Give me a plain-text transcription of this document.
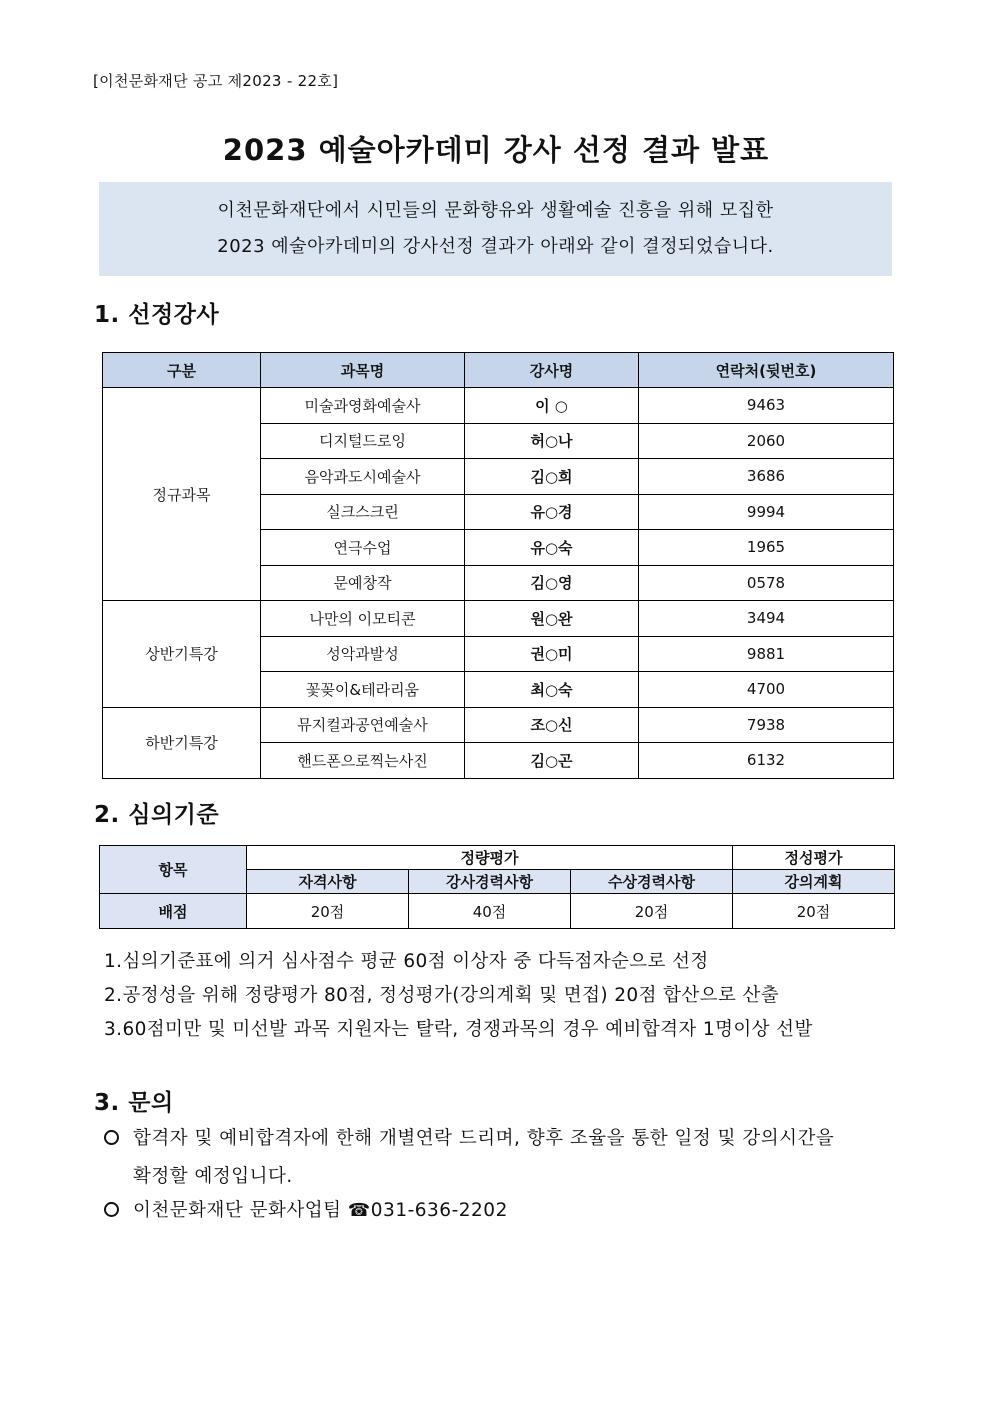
[이천문화재단 공고 제2023 - 22호]
2023 예술아카데미 강사 선정 결과 발표
이천문화재단에서 시민들의 문화향유와 생활예술 진흥을 위해 모집한
2023 예술아카데미의 강사선정 결과가 아래와 같이 결정되었습니다.
1. 선정강사
구분	과목명	강사명	연락처(뒷번호)
정규과목	미술과영화예술사	이 ○	9463
	디지털드로잉	허○나	2060
	음악과도시예술사	김○희	3686
	실크스크린	유○경	9994
	연극수업	유○숙	1965
	문예창작	김○영	0578
상반기특강	나만의 이모티콘	원○완	3494
	성악과발성	권○미	9881
	꽃꽂이&테라리움	최○숙	4700
하반기특강	뮤지컬과공연예술사	조○신	7938
	핸드폰으로찍는사진	김○곤	6132
2. 심의기준
항목	정량평가			정성평가
	자격사항	강사경력사항	수상경력사항	강의계획
배점	20점	40점	20점	20점
1.심의기준표에 의거 심사점수 평균 60점 이상자 중 다득점자순으로 선정
2.공정성을 위해 정량평가 80점, 정성평가(강의계획 및 면접) 20점 합산으로 산출
3.60점미만 및 미선발 과목 지원자는 탈락, 경쟁과목의 경우 예비합격자 1명이상 선발
3. 문의
합격자 및 예비합격자에 한해 개별연락 드리며, 향후 조율을 통한 일정 및 강의시간을
확정할 예정입니다.
이천문화재단 문화사업팀 ☎031-636-2202
